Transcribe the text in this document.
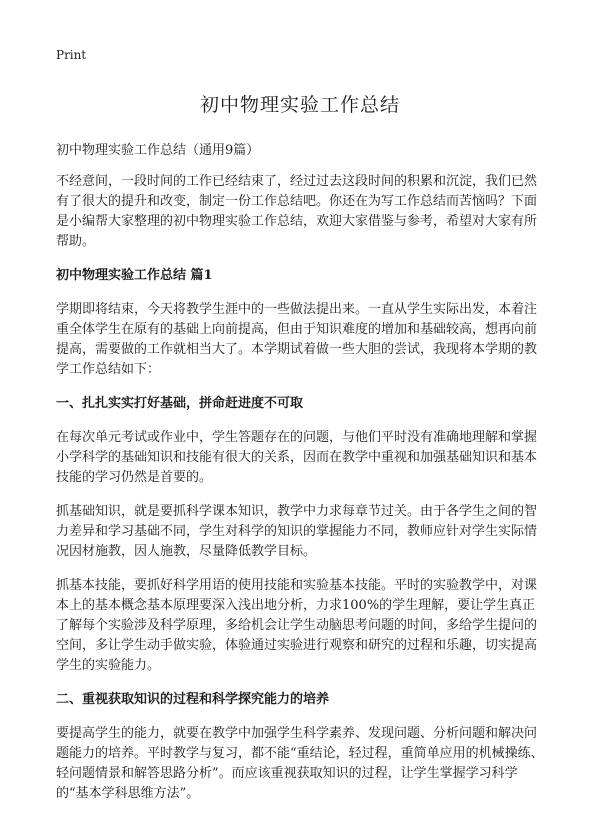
Print
初中物理实验工作总结
初中物理实验工作总结（通用9篇）

不经意间，一段时间的工作已经结束了，经过过去这段时间的积累和沉淀，我们已然有了很大的提升和改变，制定一份工作总结吧。你还在为写工作总结而苦恼吗？下面是小编帮大家整理的初中物理实验工作总结，欢迎大家借鉴与参考，希望对大家有所帮助。

初中物理实验工作总结 篇1

学期即将结束，今天将教学生涯中的一些做法提出来。一直从学生实际出发，本着注重全体学生在原有的基础上向前提高，但由于知识难度的增加和基础较高，想再向前提高，需要做的工作就相当大了。本学期试着做一些大胆的尝试，我现将本学期的教学工作总结如下：

一、扎扎实实打好基础，拼命赶进度不可取

在每次单元考试或作业中，学生答题存在的问题，与他们平时没有准确地理解和掌握小学科学的基础知识和技能有很大的关系，因而在教学中重视和加强基础知识和基本技能的学习仍然是首要的。

抓基础知识，就是要抓科学课本知识，教学中力求每章节过关。由于各学生之间的智力差异和学习基础不同，学生对科学的知识的掌握能力不同，教师应针对学生实际情况因材施教，因人施教，尽量降低教学目标。

抓基本技能，要抓好科学用语的使用技能和实验基本技能。平时的实验教学中，对课本上的基本概念基本原理要深入浅出地分析，力求100%的学生理解，要让学生真正了解每个实验涉及科学原理，多给机会让学生动脑思考问题的时间，多给学生提问的空间，多让学生动手做实验，体验通过实验进行观察和研究的过程和乐趣，切实提高学生的实验能力。

二、重视获取知识的过程和科学探究能力的培养

要提高学生的能力，就要在教学中加强学生科学素养、发现问题、分析问题和解决问题能力的培养。平时教学与复习，都不能“重结论，轻过程，重简单应用的机械操练、轻问题情景和解答思路分析”。而应该重视获取知识的过程，让学生掌握学习科学的“基本学科思维方法”。
